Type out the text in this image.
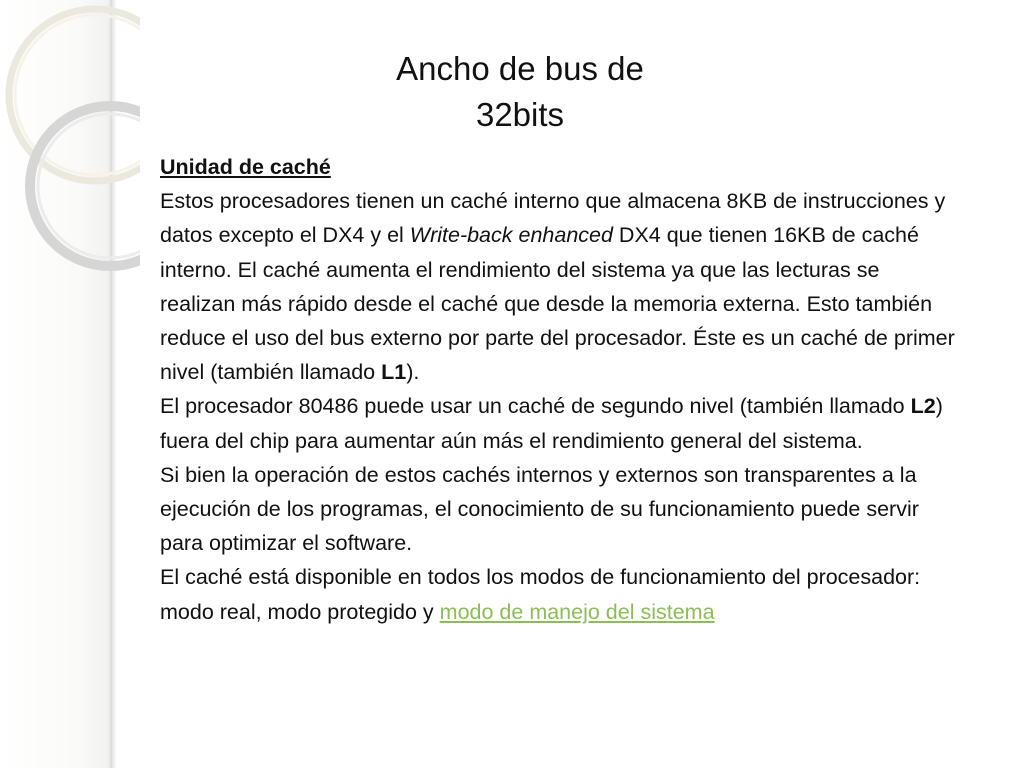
Ancho de bus de
32bits

Unidad de caché

Estos procesadores tienen un caché interno que almacena 8KB de instrucciones y datos excepto el DX4 y el Write-back enhanced DX4 que tienen 16KB de caché interno. El caché aumenta el rendimiento del sistema ya que las lecturas se realizan más rápido desde el caché que desde la memoria externa. Esto también reduce el uso del bus externo por parte del procesador. Éste es un caché de primer nivel (también llamado L1).

El procesador 80486 puede usar un caché de segundo nivel (también llamado L2) fuera del chip para aumentar aún más el rendimiento general del sistema.

Si bien la operación de estos cachés internos y externos son transparentes a la ejecución de los programas, el conocimiento de su funcionamiento puede servir para optimizar el software.

El caché está disponible en todos los modos de funcionamiento del procesador: modo real, modo protegido y modo de manejo del sistema
